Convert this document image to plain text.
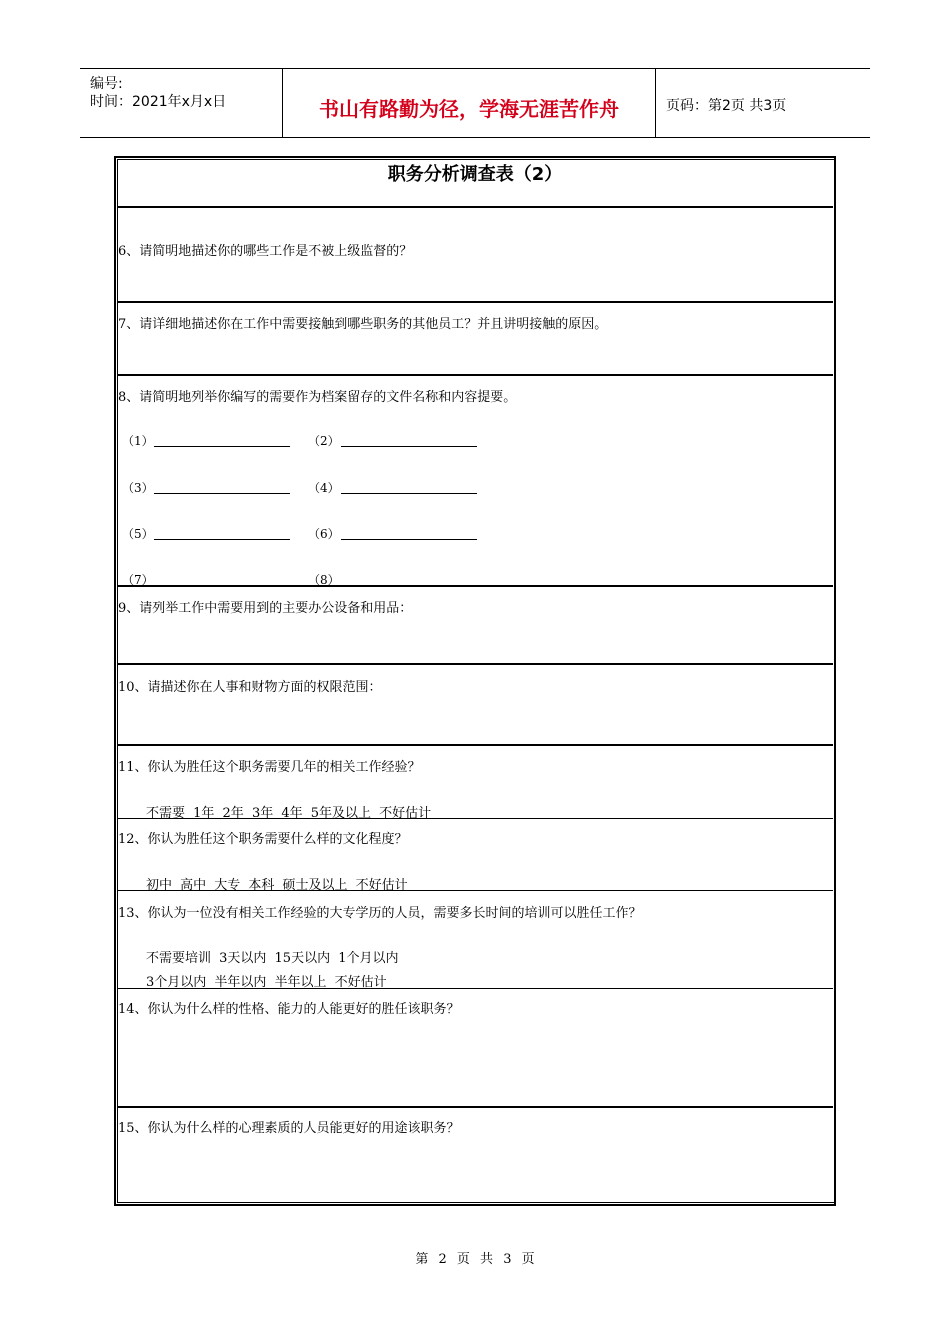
编号:
时间：2021年x月x日	书山有路勤为径，学海无涯苦作舟	页码：第2页 共3页
职务分析调查表（2）
6、请简明地描述你的哪些工作是不被上级监督的？
7、请详细地描述你在工作中需要接触到哪些职务的其他员工？并且讲明接触的原因。
8、请简明地列举你编写的需要作为档案留存的文件名称和内容提要。
（1）	（2）
（3）	（4）
（5）	（6）
（7）	（8）
9、请列举工作中需要用到的主要办公设备和用品：
10、请描述你在人事和财物方面的权限范围：
11、你认为胜任这个职务需要几年的相关工作经验？
不需要 1年 2年 3年 4年 5年及以上 不好估计
12、你认为胜任这个职务需要什么样的文化程度？
初中 高中 大专 本科 硕士及以上 不好估计
13、你认为一位没有相关工作经验的大专学历的人员，需要多长时间的培训可以胜任工作？
不需要培训 3天以内 15天以内 1个月以内
3个月以内 半年以内 半年以上 不好估计
14、你认为什么样的性格、能力的人能更好的胜任该职务？
15、你认为什么样的心理素质的人员能更好的用途该职务？
第 2 页 共 3 页
